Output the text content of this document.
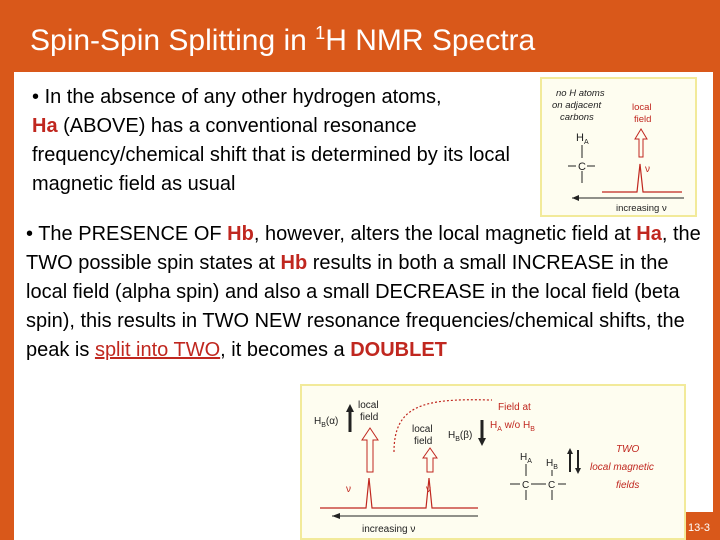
Spin-Spin Splitting in $^1$H NMR Spectra
• In the absence of any other hydrogen atoms,
Ha (ABOVE) has a conventional resonance frequency/chemical shift that is determined by its local magnetic field as usual
no H atoms
on adjacent
carbons
local
field
$H_A$
C	ν
increasing ν
• The PRESENCE OF Hb, however, alters the local magnetic field at Ha, the TWO possible spin states at Hb results in both a small INCREASE in the local field (alpha spin) and also a small DECREASE in the local field (beta spin), this results in TWO NEW resonance frequencies/chemical shifts, the peak is split into TWO, it becomes a DOUBLET
$H_B(\alpha)$
local
field
local
field
$H_B(\beta)$
Field at
$H_A$ w/o $H_B$
TWO
local magnetic
fields
$H_A$ $H_B$
C C
ν	ν
increasing ν	13-3
